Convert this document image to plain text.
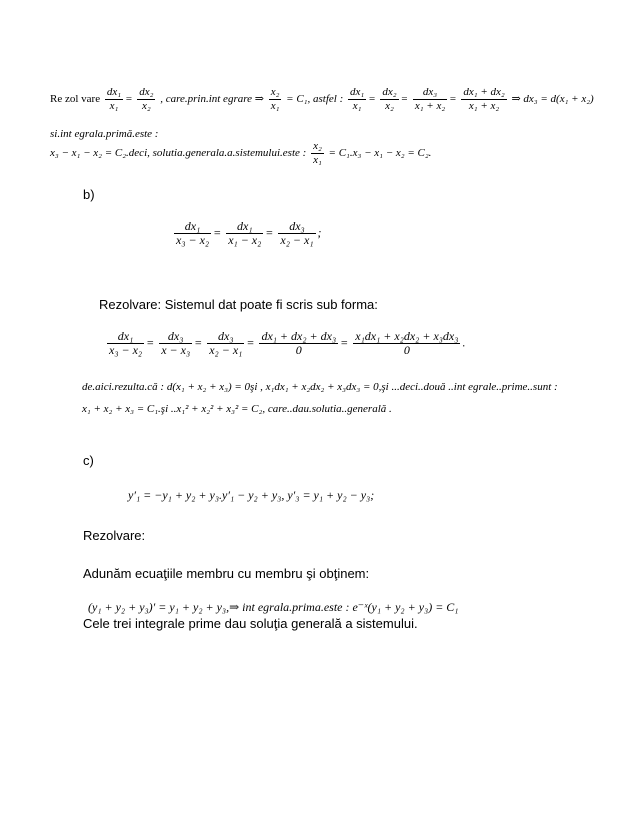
Re zol vare $\frac{\text{dx₁}}{\text{x₁}} = \frac{\text{dx₂}}{\text{x₂}}$ , care.prin.int egrare ⇒ $\frac{\text{x₂}}{\text{x₁}} = C_1$, astfel : $\frac{\text{dx₁}}{\text{x₁}} = \frac{\text{dx₂}}{\text{x₂}} = \frac{\text{dx₃}}{\text{x₁ + x₂}} = \frac{\text{dx₁ + dx₂}}{\text{x₁ + x₂}}$ ⇒ dx₃ = d(x₁ + x₂)
si.int egrala.primă.este :
x₃ − x₁ − x₂ = C₂.deci, solutia.generala.a.sistemului.este : $\frac{\text{x₂}}{\text{x₁}} = C_1.x_3 - x_1 - x_2 = C_2$.
b)
$\frac{\text{dx₁}}{\text{x₃ − x₂}} = \frac{\text{dx₁}}{\text{x₁ − x₂}} = \frac{\text{dx₃}}{\text{x₂ − x₁}}$ ;
Rezolvare: Sistemul dat poate fi scris sub forma:
$\frac{\text{dx₁}}{\text{x₃ − x₂}} = \frac{\text{dx₃}}{\text{x − x₃}} = \frac{\text{dx₃}}{\text{x₂ − x₁}} = \frac{\text{dx₁ + dx₂ + dx₃}}{0} = \frac{\text{x₁dx₁ + x₂dx₂ + x₃dx₃}}{0}$ .
de.aici.rezulta.că : d(x₁ + x₂ + x₃) = 0şi , x₁dx₁ + x₂dx₂ + x₃dx₃ = 0,şi ...deci..două ..int egrale..prime..sunt :
x₁ + x₂ + x₃ = C₁.şi ..x₁² + x₂² + x₃² = C₂, care..dau.solutia..generală .
c)
y′₁ = −y₁ + y₂ + y₃.y′₁ − y₂ + y₃, y′₃ = y₁ + y₂ − y₃;
Rezolvare:
Adunăm ecuaţiile membru cu membru şi obţinem:
(y₁ + y₂ + y₃)′ = y₁ + y₂ + y₃,⇒ int egrala.prima.este : e⁻ˣ(y₁ + y₂ + y₃) = C₁
Cele trei integrale prime dau soluţia generală a sistemului.
